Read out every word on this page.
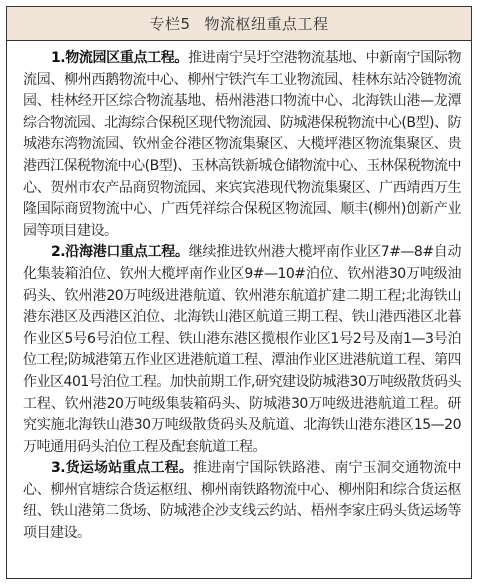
专栏5 物流枢纽重点工程

1.物流园区重点工程。推进南宁吴圩空港物流基地、中新南宁国际物流园、柳州西鹅物流中心、柳州宁铁汽车工业物流园、桂林东站冷链物流园、桂林经开区综合物流基地、梧州港港口物流中心、北海铁山港—龙潭综合物流园、北海综合保税区现代物流园、防城港保税物流中心(B型)、防城港东湾物流园、钦州金谷港区物流集聚区、大榄坪港区物流集聚区、贵港西江保税物流中心(B型)、玉林高铁新城仓储物流中心、玉林保税物流中心、贺州市农产品商贸物流园、来宾宾港现代物流集聚区、广西靖西万生隆国际商贸物流中心、广西凭祥综合保税区物流园、顺丰(柳州)创新产业园等项目建设。

2.沿海港口重点工程。继续推进钦州港大榄坪南作业区7#—8#自动化集装箱泊位、钦州大榄坪南作业区9#—10#泊位、钦州港30万吨级油码头、钦州港20万吨级进港航道、钦州港东航道扩建二期工程;北海铁山港东港区及西港区泊位、北海铁山港区航道三期工程、铁山港西港区北暮作业区5号6号泊位工程、铁山港东港区揽根作业区1号2号及南1—3号泊位工程;防城港第五作业区进港航道工程、潭油作业区进港航道工程、第四作业区401号泊位工程。加快前期工作,研究建设防城港30万吨级散货码头工程、钦州港20万吨级集装箱码头、防城港30万吨级进港航道工程。研究实施北海铁山港30万吨级散货码头及航道、北海铁山港东港区15—20万吨通用码头泊位工程及配套航道工程。

3.货运场站重点工程。推进南宁国际铁路港、南宁玉洞交通物流中心、柳州官塘综合货运枢纽、柳州南铁路物流中心、柳州阳和综合货运枢纽、铁山港第二货场、防城港企沙支线云约站、梧州李家庄码头货运场等项目建设。
